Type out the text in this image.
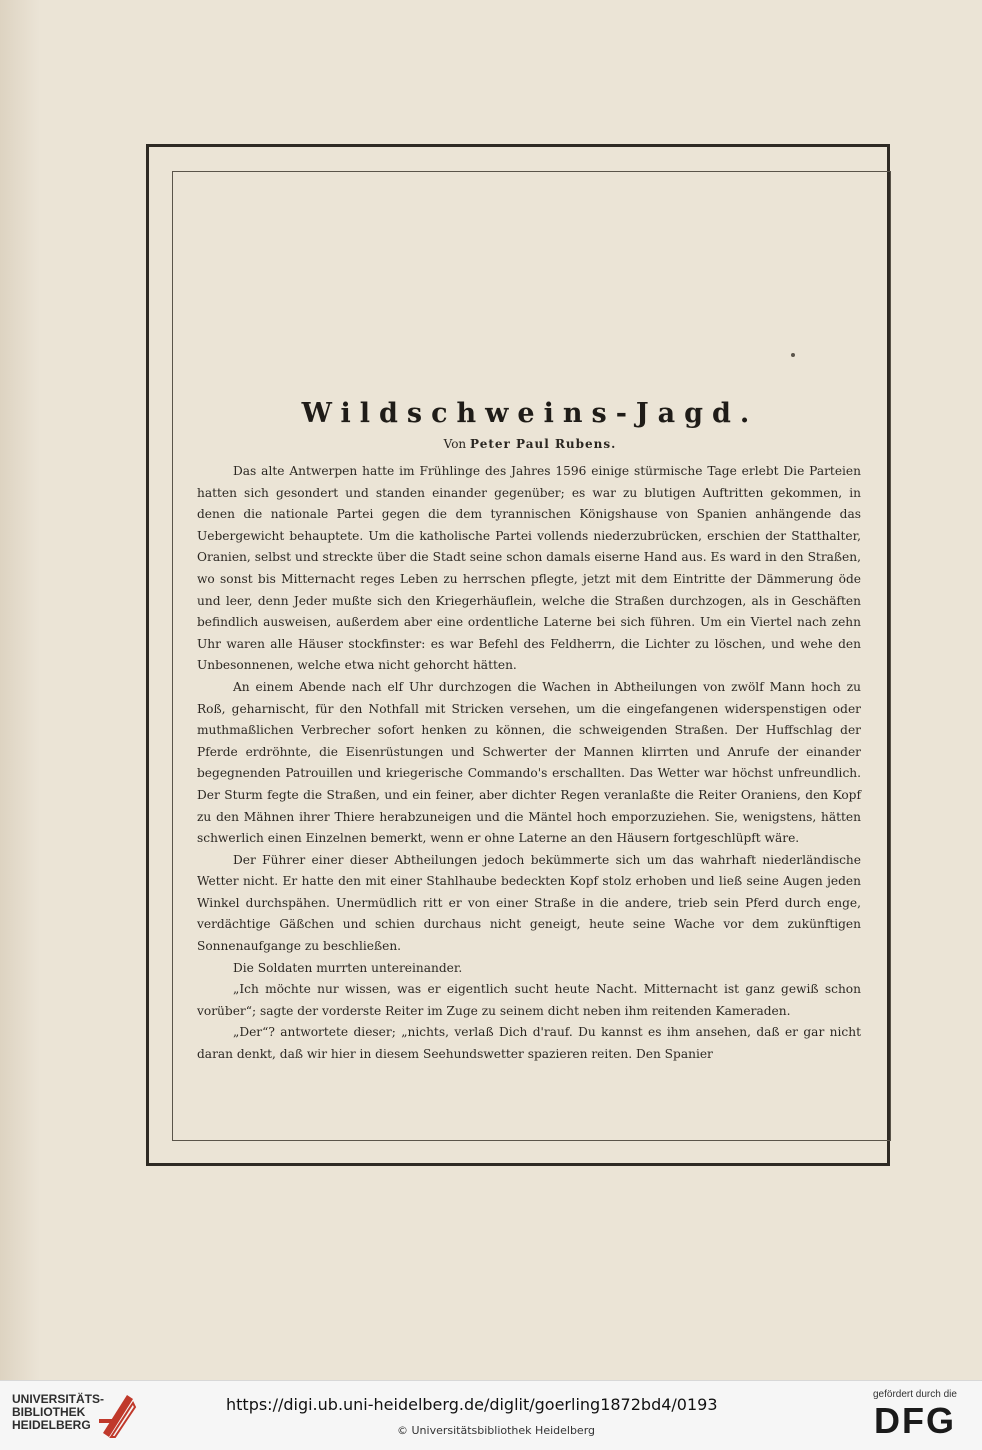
Wildschweins-Jagd.
Von Peter Paul Rubens.

Das alte Antwerpen hatte im Frühlinge des Jahres 1596 einige stürmische Tage erlebt Die Parteien hatten sich gesondert und standen einander gegenüber; es war zu blutigen Auftritten gekommen, in denen die nationale Partei gegen die dem tyrannischen Königshause von Spanien anhängende das Uebergewicht behauptete. Um die katholische Partei vollends niederzubrücken, erschien der Statthalter, Oranien, selbst und streckte über die Stadt seine schon damals eiserne Hand aus. Es ward in den Straßen, wo sonst bis Mitternacht reges Leben zu herrschen pflegte, jetzt mit dem Eintritte der Dämmerung öde und leer, denn Jeder mußte sich den Kriegerhäuflein, welche die Straßen durchzogen, als in Geschäften befindlich ausweisen, außerdem aber eine ordentliche Laterne bei sich führen. Um ein Viertel nach zehn Uhr waren alle Häuser stockfinster: es war Befehl des Feldherrn, die Lichter zu löschen, und wehe den Unbesonnenen, welche etwa nicht gehorcht hätten.

An einem Abende nach elf Uhr durchzogen die Wachen in Abtheilungen von zwölf Mann hoch zu Roß, geharnischt, für den Nothfall mit Stricken versehen, um die eingefangenen widerspenstigen oder muthmaßlichen Verbrecher sofort henken zu können, die schweigenden Straßen. Der Huffschlag der Pferde erdröhnte, die Eisenrüstungen und Schwerter der Mannen klirrten und Anrufe der einander begegnenden Patrouillen und kriegerische Commando's erschallten. Das Wetter war höchst unfreundlich. Der Sturm fegte die Straßen, und ein feiner, aber dichter Regen veranlaßte die Reiter Oraniens, den Kopf zu den Mähnen ihrer Thiere herabzuneigen und die Mäntel hoch emporzuziehen. Sie, wenigstens, hätten schwerlich einen Einzelnen bemerkt, wenn er ohne Laterne an den Häusern fortgeschlüpft wäre.

Der Führer einer dieser Abtheilungen jedoch bekümmerte sich um das wahrhaft niederländische Wetter nicht. Er hatte den mit einer Stahlhaube bedeckten Kopf stolz erhoben und ließ seine Augen jeden Winkel durchspähen. Unermüdlich ritt er von einer Straße in die andere, trieb sein Pferd durch enge, verdächtige Gäßchen und schien durchaus nicht geneigt, heute seine Wache vor dem zukünftigen Sonnenaufgange zu beschließen.

Die Soldaten murrten untereinander.

„Ich möchte nur wissen, was er eigentlich sucht heute Nacht. Mitternacht ist ganz gewiß schon vorüber“; sagte der vorderste Reiter im Zuge zu seinem dicht neben ihm reitenden Kameraden.

„Der“? antwortete dieser; „nichts, verlaß Dich d'rauf. Du kannst es ihm ansehen, daß er gar nicht daran denkt, daß wir hier in diesem Seehundswetter spazieren reiten. Den Spanier

UNIVERSITÄTS-
BIBLIOTHEK
HEIDELBERG
https://digi.ub.uni-heidelberg.de/diglit/goerling1872bd4/0193
© Universitätsbibliothek Heidelberg
gefördert durch die
DFG
